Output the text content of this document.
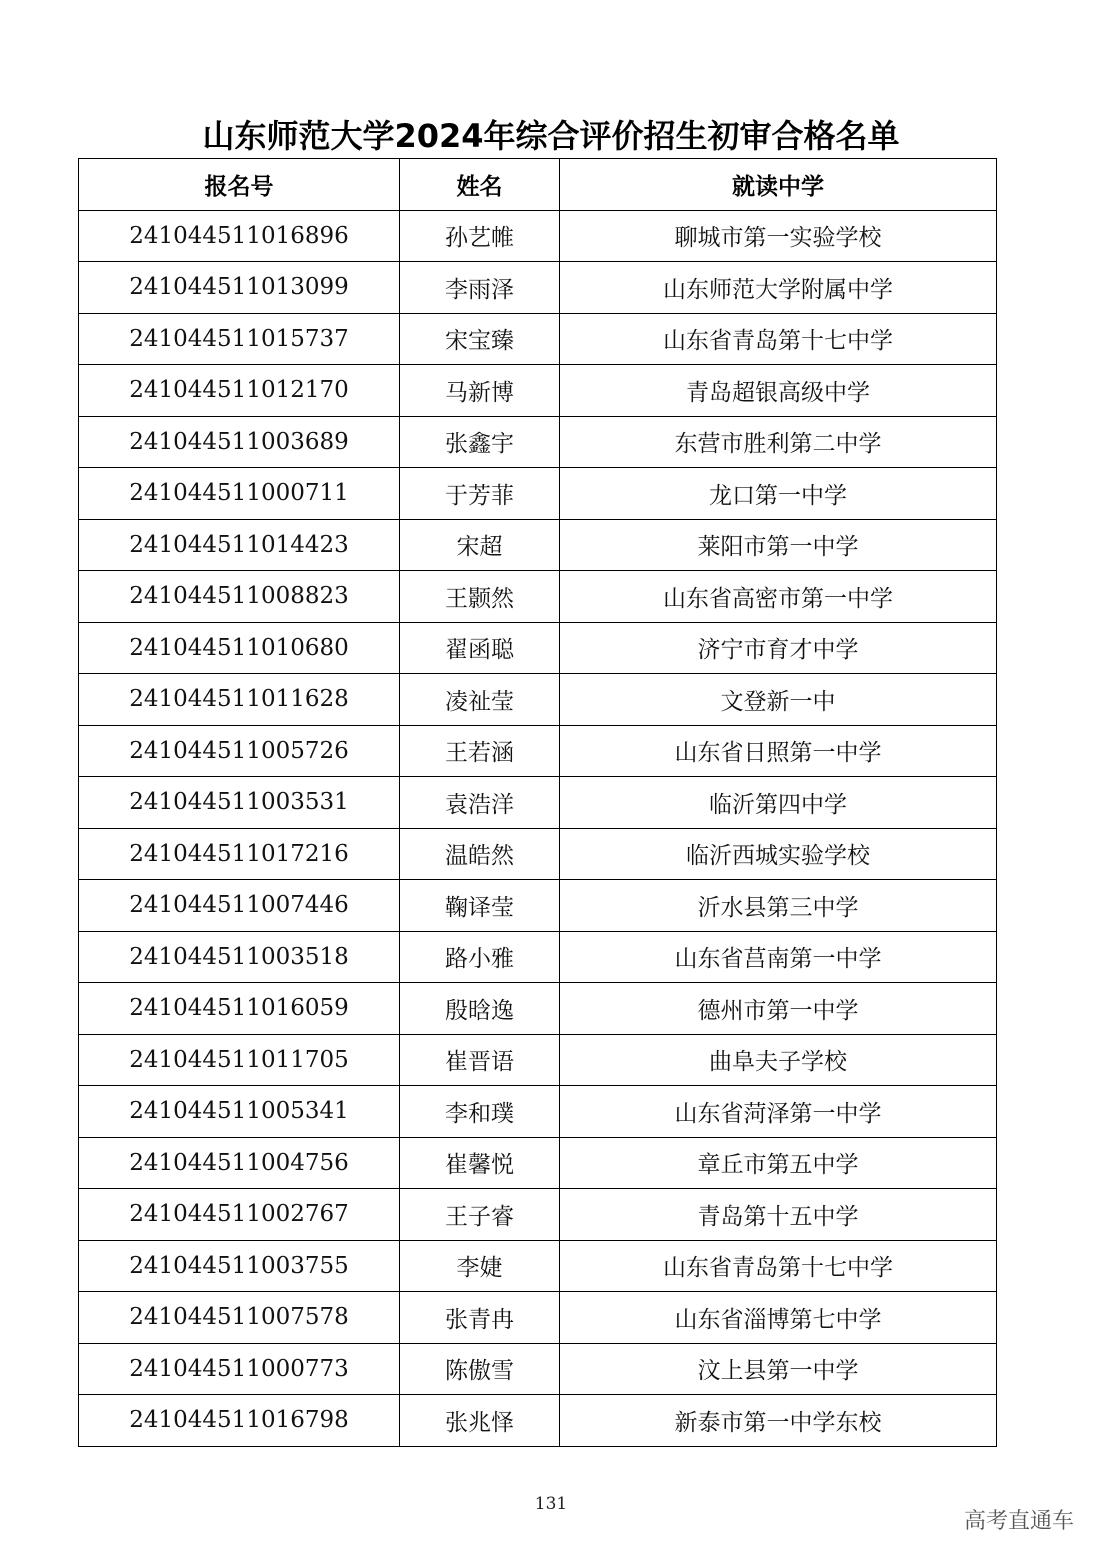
山东师范大学2024年综合评价招生初审合格名单
报名号	姓名	就读中学
241044511016896	孙艺帷	聊城市第一实验学校
241044511013099	李雨泽	山东师范大学附属中学
241044511015737	宋宝臻	山东省青岛第十七中学
241044511012170	马新博	青岛超银高级中学
241044511003689	张鑫宇	东营市胜利第二中学
241044511000711	于芳菲	龙口第一中学
241044511014423	宋超	莱阳市第一中学
241044511008823	王颢然	山东省高密市第一中学
241044511010680	翟函聪	济宁市育才中学
241044511011628	凌祉莹	文登新一中
241044511005726	王若涵	山东省日照第一中学
241044511003531	袁浩洋	临沂第四中学
241044511017216	温皓然	临沂西城实验学校
241044511007446	鞠译莹	沂水县第三中学
241044511003518	路小雅	山东省莒南第一中学
241044511016059	殷晗逸	德州市第一中学
241044511011705	崔晋语	曲阜夫子学校
241044511005341	李和璞	山东省菏泽第一中学
241044511004756	崔馨悦	章丘市第五中学
241044511002767	王子睿	青岛第十五中学
241044511003755	李婕	山东省青岛第十七中学
241044511007578	张青冉	山东省淄博第七中学
241044511000773	陈傲雪	汶上县第一中学
241044511016798	张兆怿	新泰市第一中学东校
131
高考直通车
